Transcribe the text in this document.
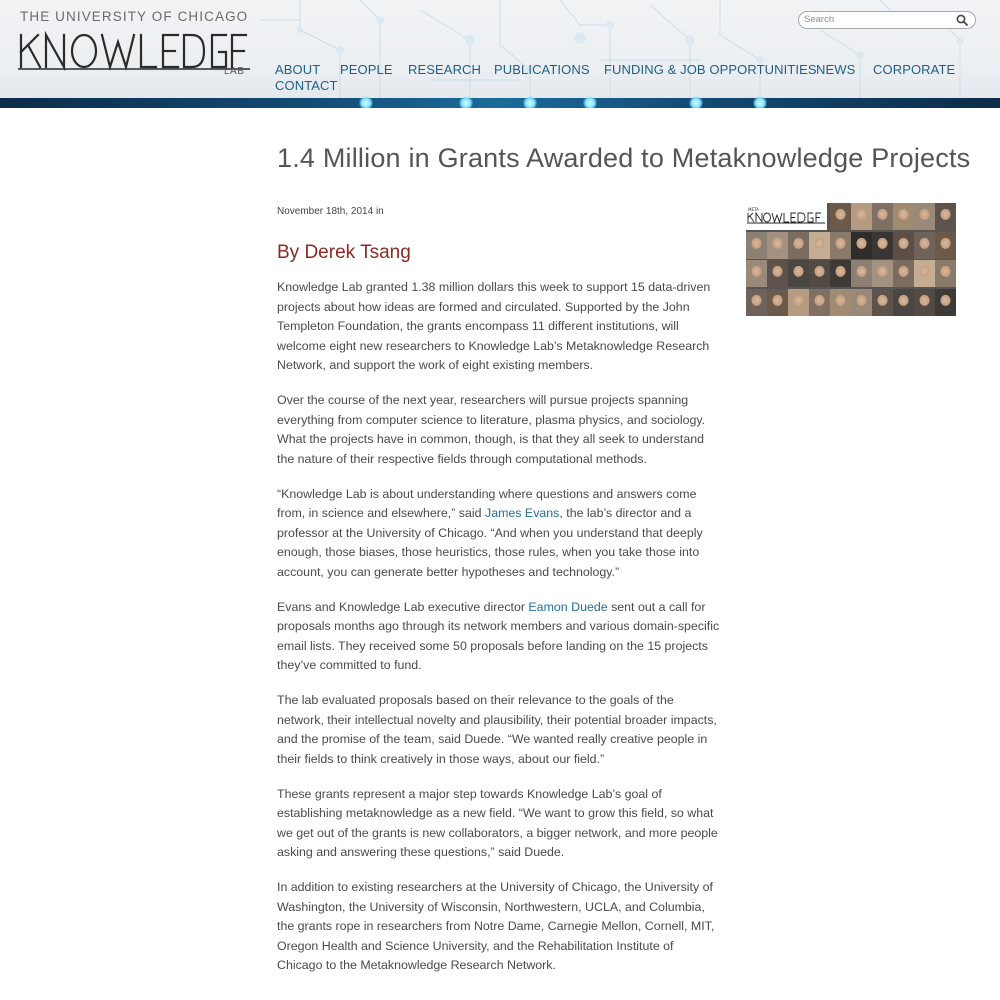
THE UNIVERSITY OF CHICAGO
LAB
Search ABOUT PEOPLE RESEARCH PUBLICATIONS FUNDING & JOB OPPORTUNITIES NEWS CORPORATE
CONTACT
1.4 Million in Grants Awarded to Metaknowledge Projects
November 18th, 2014 in
By Derek Tsang

Knowledge Lab granted 1.38 million dollars this week to support 15 data-driven projects about how ideas are formed and circulated. Supported by the John Templeton Foundation, the grants encompass 11 different institutions, will welcome eight new researchers to Knowledge Lab’s Metaknowledge Research Network, and support the work of eight existing members.

Over the course of the next year, researchers will pursue projects spanning everything from computer science to literature, plasma physics, and sociology. What the projects have in common, though, is that they all seek to understand the nature of their respective fields through computational methods.

“Knowledge Lab is about understanding where questions and answers come from, in science and elsewhere,” said James Evans, the lab’s director and a professor at the University of Chicago. “And when you understand that deeply enough, those biases, those heuristics, those rules, when you take those into account, you can generate better hypotheses and technology.”

Evans and Knowledge Lab executive director Eamon Duede sent out a call for proposals months ago through its network members and various domain-specific email lists. They received some 50 proposals before landing on the 15 projects they’ve committed to fund.

The lab evaluated proposals based on their relevance to the goals of the network, their intellectual novelty and plausibility, their potential broader impacts, and the promise of the team, said Duede. “We wanted really creative people in their fields to think creatively in those ways, about our field.”

These grants represent a major step towards Knowledge Lab’s goal of establishing metaknowledge as a new field. “We want to grow this field, so what we get out of the grants is new collaborators, a bigger network, and more people asking and answering these questions,” said Duede.

In addition to existing researchers at the University of Chicago, the University of Washington, the University of Wisconsin, Northwestern, UCLA, and Columbia, the grants rope in researchers from Notre Dame, Carnegie Mellon, Cornell, MIT, Oregon Health and Science University, and the Rehabilitation Institute of Chicago to the Metaknowledge Research Network.

META
